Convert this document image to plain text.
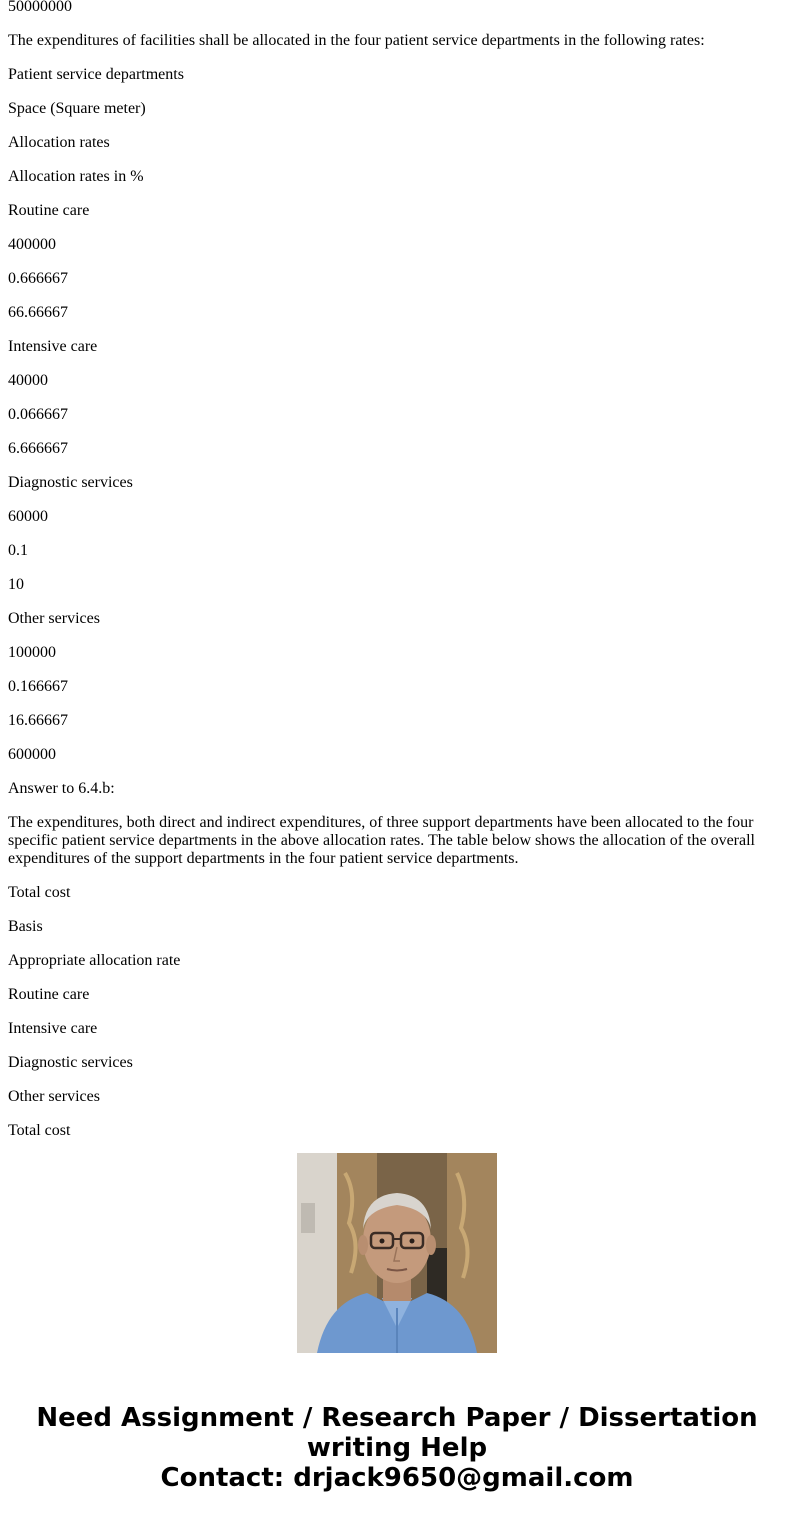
50000000

The expenditures of facilities shall be allocated in the four patient service departments in the following rates:

Patient service departments

Space (Square meter)

Allocation rates

Allocation rates in %

Routine care

400000

0.666667

66.66667

Intensive care

40000

0.066667

6.666667

Diagnostic services

60000

0.1

10

Other services

100000

0.166667

16.66667

600000

Answer to 6.4.b:

The expenditures, both direct and indirect expenditures, of three support departments have been allocated to the four specific patient service departments in the above allocation rates. The table below shows the allocation of the overall expenditures of the support departments in the four patient service departments.

Total cost

Basis

Appropriate allocation rate

Routine care

Intensive care

Diagnostic services

Other services

Total cost

Need Assignment / Research Paper / Dissertation
writing Help
Contact: drjack9650@gmail.com
